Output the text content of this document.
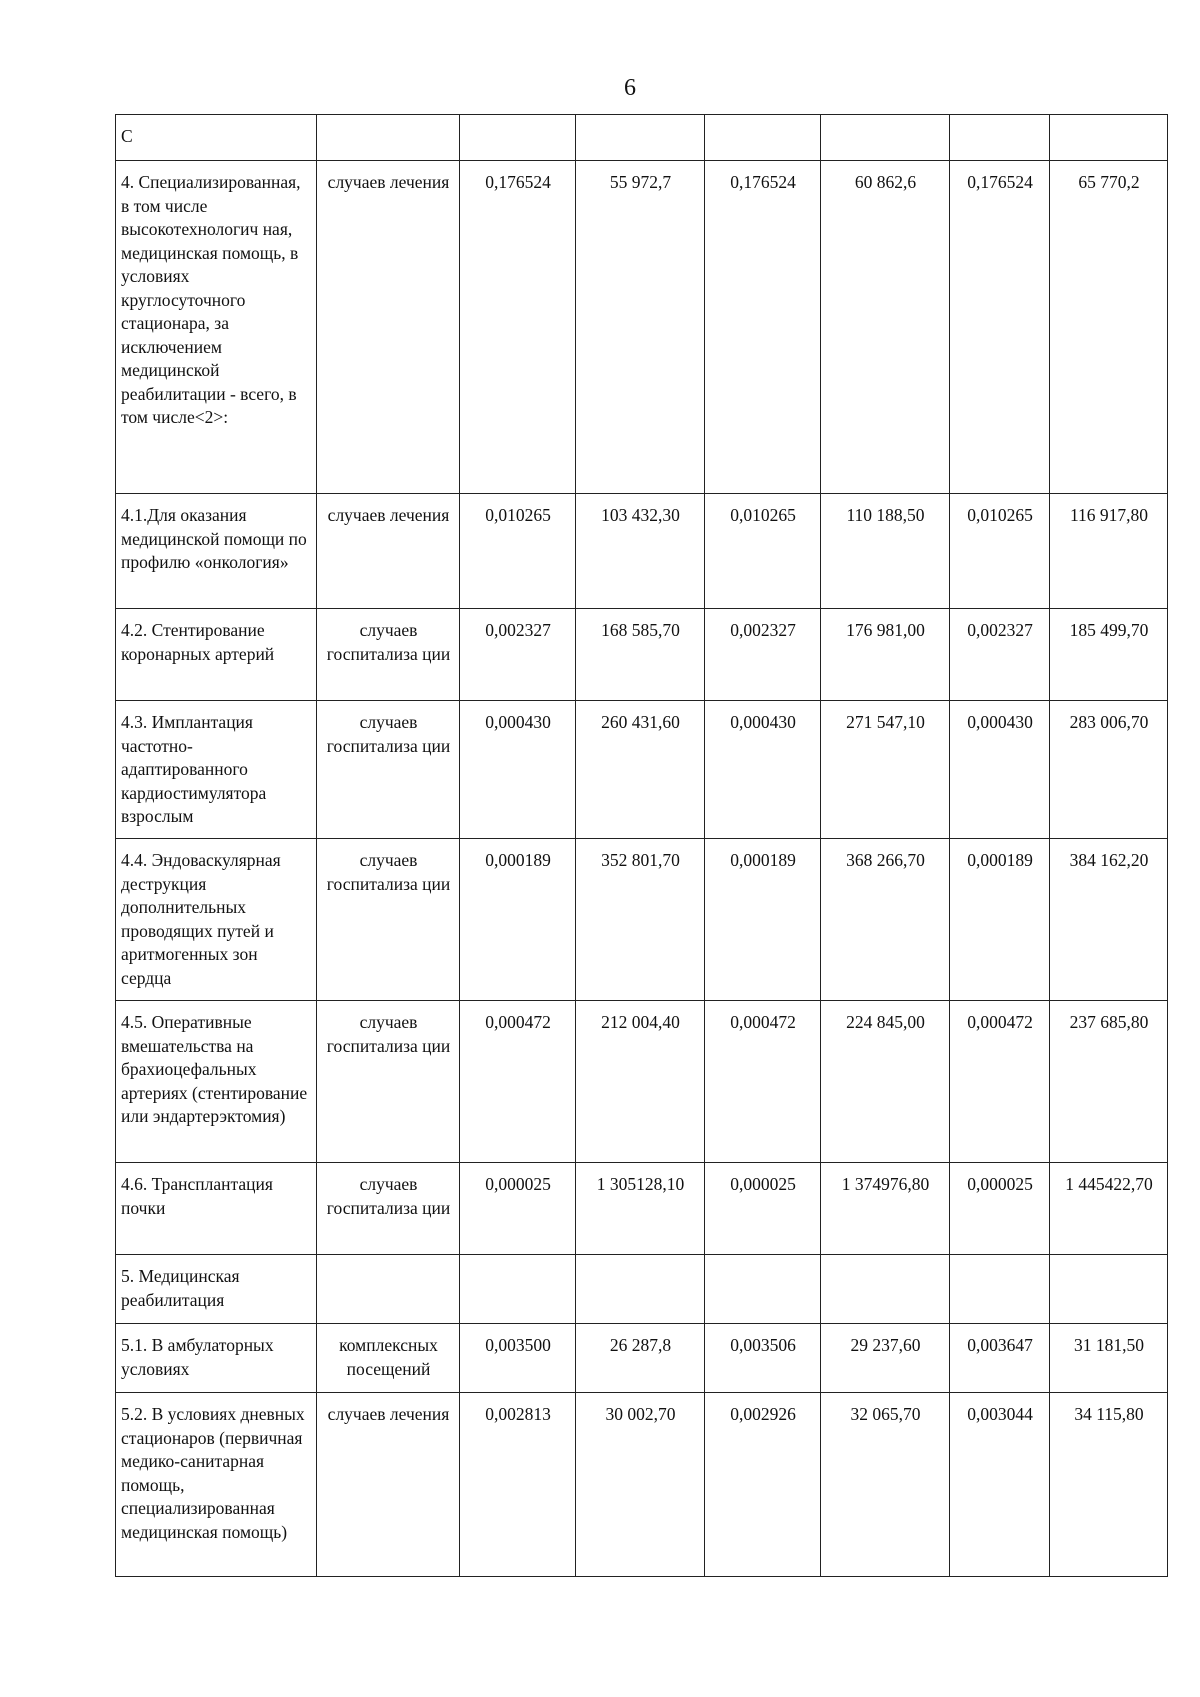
6
С							
4. Специализированная, в том числе высокотехнологич ная, медицинская помощь, в условиях круглосуточного стационара, за исключением медицинской реабилитации - всего, в том числе<2>:	случаев лечения	0,176524	55 972,7	0,176524	60 862,6	0,176524	65 770,2
4.1.Для оказания медицинской помощи по профилю «онкология»	случаев лечения	0,010265	103 432,30	0,010265	110 188,50	0,010265	116 917,80
4.2. Стентирование коронарных артерий	случаев госпитализа ции	0,002327	168 585,70	0,002327	176 981,00	0,002327	185 499,70
4.3. Имплантация частотно-адаптированного кардиостимулятора взрослым	случаев госпитализа ции	0,000430	260 431,60	0,000430	271 547,10	0,000430	283 006,70
4.4. Эндоваскулярная деструкция дополнительных проводящих путей и аритмогенных зон сердца	случаев госпитализа ции	0,000189	352 801,70	0,000189	368 266,70	0,000189	384 162,20
4.5. Оперативные вмешательства на брахиоцефальных артериях (стентирование или эндартерэктомия)	случаев госпитализа ции	0,000472	212 004,40	0,000472	224 845,00	0,000472	237 685,80
4.6. Трансплантация почки	случаев госпитализа ции	0,000025	1 305128,10	0,000025	1 374976,80	0,000025	1 445422,70
5. Медицинская реабилитация							
5.1. В амбулаторных условиях	комплексных посещений	0,003500	26 287,8	0,003506	29 237,60	0,003647	31 181,50
5.2. В условиях дневных стационаров (первичная медико-санитарная помощь, специализированная медицинская помощь)	случаев лечения	0,002813	30 002,70	0,002926	32 065,70	0,003044	34 115,80
